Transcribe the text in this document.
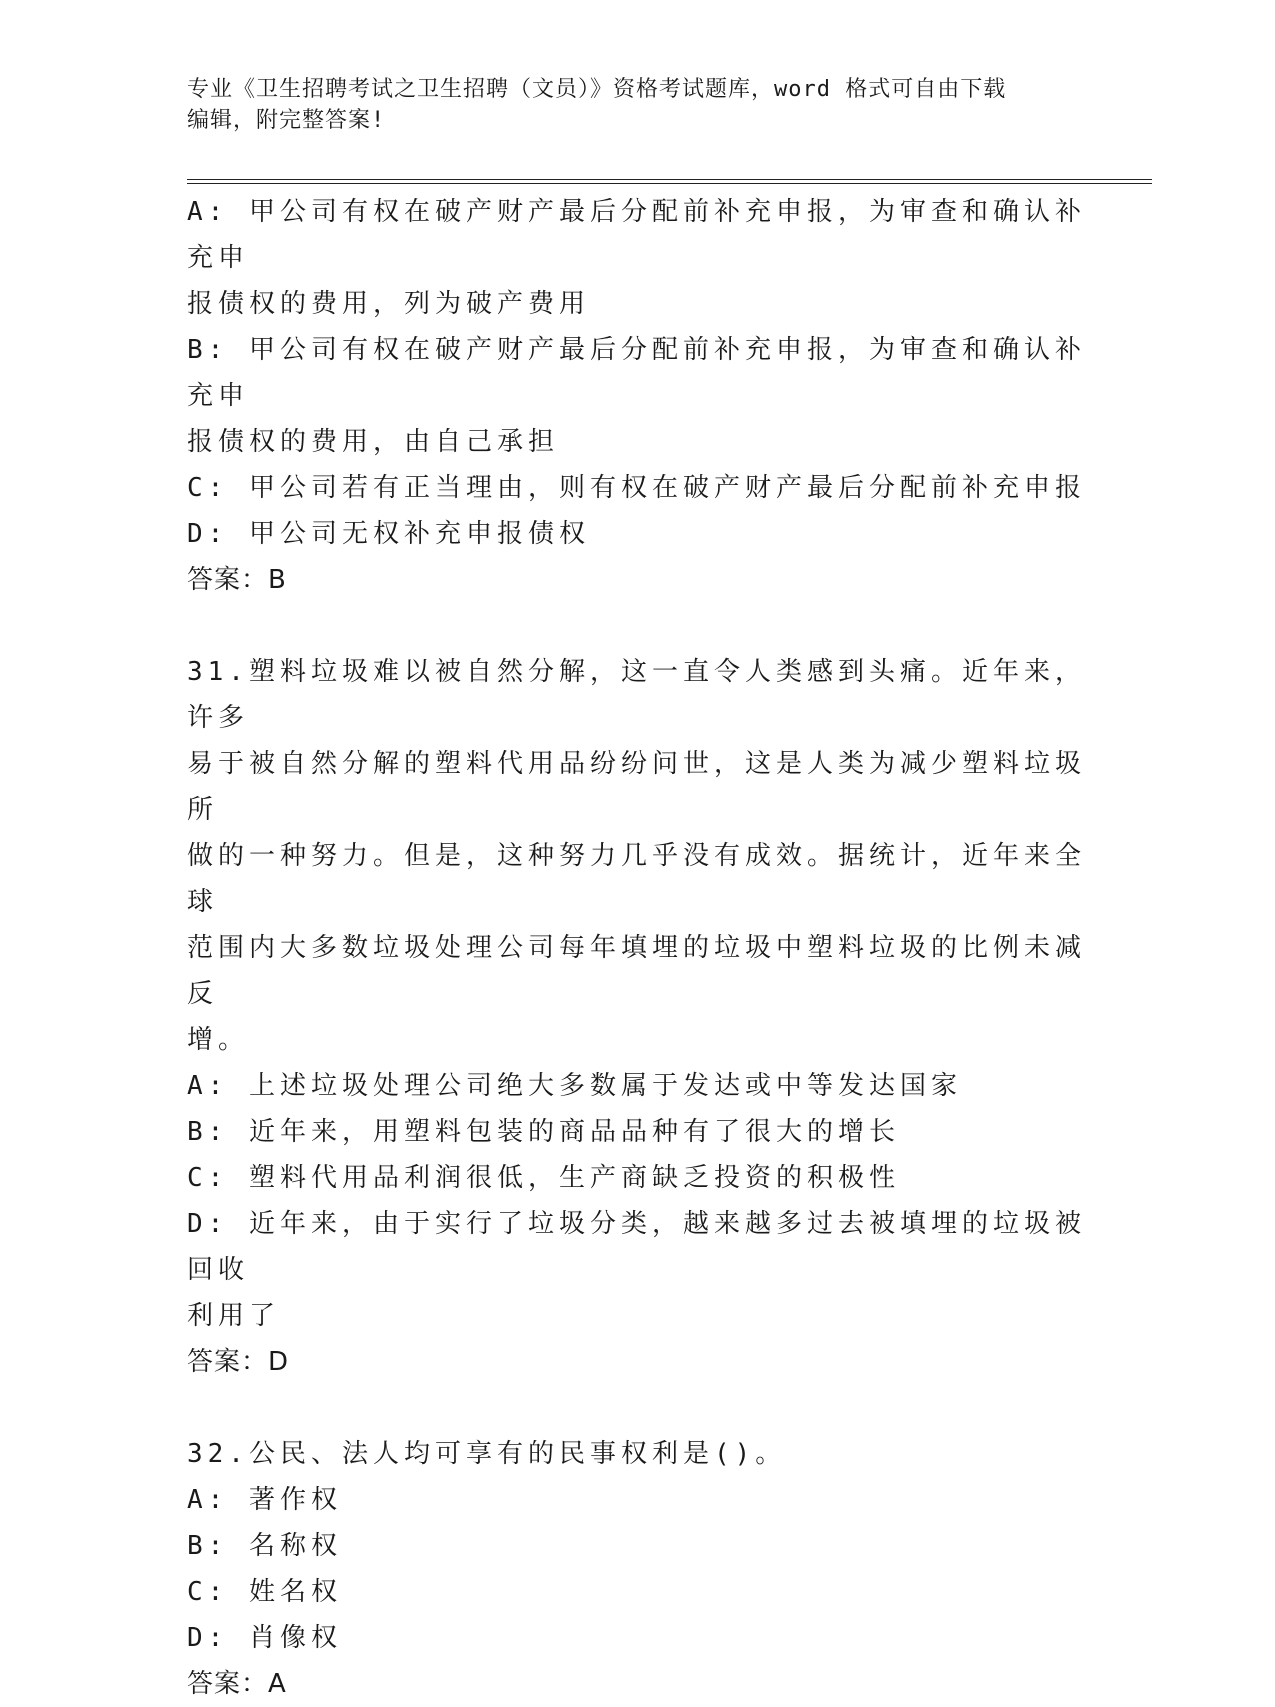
专业《卫生招聘考试之卫生招聘（文员）》资格考试题库，word 格式可自由下载
编辑，附完整答案!
A: 甲公司有权在破产财产最后分配前补充申报，为审查和确认补充申
报债权的费用，列为破产费用
B: 甲公司有权在破产财产最后分配前补充申报，为审查和确认补充申
报债权的费用，由自己承担
C: 甲公司若有正当理由，则有权在破产财产最后分配前补充申报
D: 甲公司无权补充申报债权
答案：B
31.塑料垃圾难以被自然分解，这一直令人类感到头痛。近年来，许多
易于被自然分解的塑料代用品纷纷问世，这是人类为减少塑料垃圾所
做的一种努力。但是，这种努力几乎没有成效。据统计，近年来全球
范围内大多数垃圾处理公司每年填埋的垃圾中塑料垃圾的比例未减反
增。
A: 上述垃圾处理公司绝大多数属于发达或中等发达国家
B: 近年来，用塑料包装的商品品种有了很大的增长
C: 塑料代用品利润很低，生产商缺乏投资的积极性
D: 近年来，由于实行了垃圾分类，越来越多过去被填埋的垃圾被回收
利用了
答案：D
32.公民、法人均可享有的民事权利是()。
A: 著作权
B: 名称权
C: 姓名权
D: 肖像权
答案：A
